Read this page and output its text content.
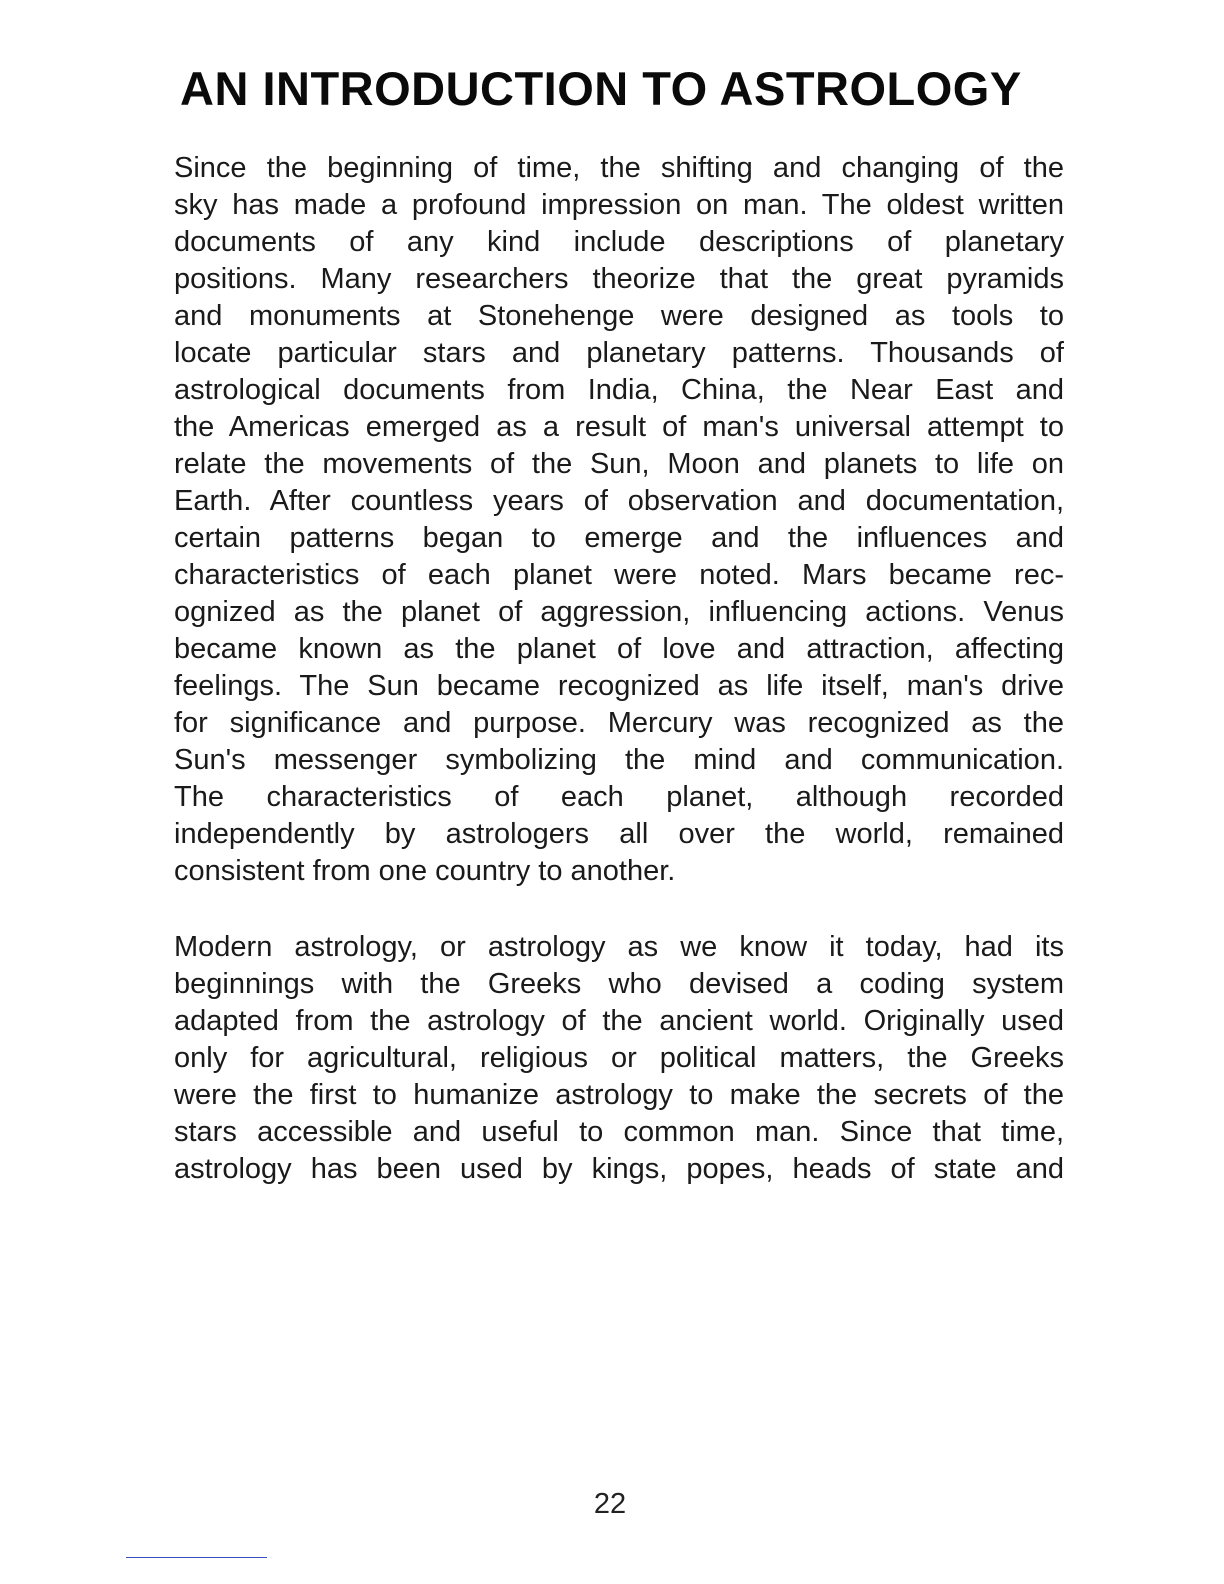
AN INTRODUCTION TO ASTROLOGY
Since the beginning of time, the shifting and changing of the
sky has made a profound impression on man. The oldest written
documents of any kind include descriptions of planetary
positions. Many researchers theorize that the great pyramids
and monuments at Stonehenge were designed as tools to
locate particular stars and planetary patterns. Thousands of
astrological documents from India, China, the Near East and
the Americas emerged as a result of man's universal attempt to
relate the movements of the Sun, Moon and planets to life on
Earth. After countless years of observation and documentation,
certain patterns began to emerge and the influences and
characteristics of each planet were noted. Mars became rec-
ognized as the planet of aggression, influencing actions. Venus
became known as the planet of love and attraction, affecting
feelings. The Sun became recognized as life itself, man's drive
for significance and purpose. Mercury was recognized as the
Sun's messenger symbolizing the mind and communication.
The characteristics of each planet, although recorded
independently by astrologers all over the world, remained
consistent from one country to another.
Modern astrology, or astrology as we know it today, had its
beginnings with the Greeks who devised a coding system
adapted from the astrology of the ancient world. Originally used
only for agricultural, religious or political matters, the Greeks
were the first to humanize astrology to make the secrets of the
stars accessible and useful to common man. Since that time,
astrology has been used by kings, popes, heads of state and
22
